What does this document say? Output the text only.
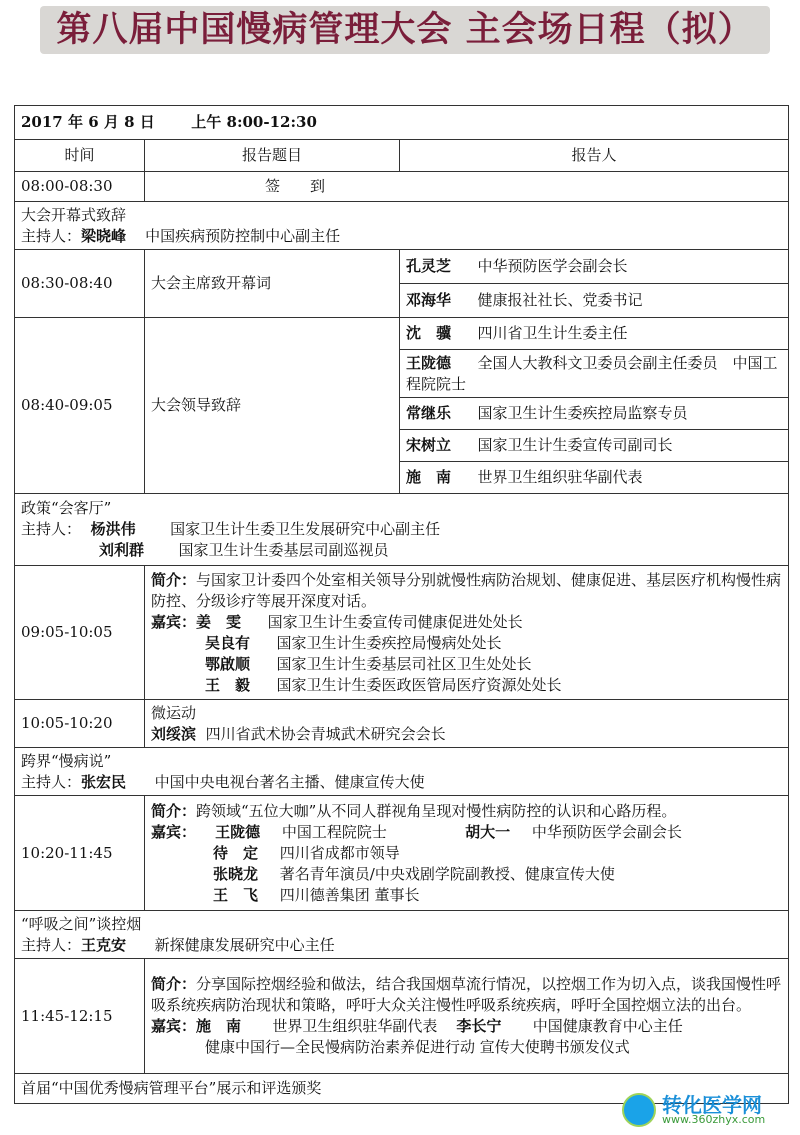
第八届中国慢病管理大会 主会场日程（拟）
2017 年 6 月 8 日 上午 8:00-12:30		
时间	报告题目	报告人
08:00-08:30	签　　到	

大会开幕式致辞
主持人：梁晓峰 中国疾病预防控制中心副主任		
08:30-08:40	大会主席致开幕词	孔灵芝 中华预防医学会副会长
		邓海华 健康报社社长、党委书记
08:40-09:05	大会领导致辞	沈　骥 四川省卫生计生委主任
		王陇德 全国人大教科文卫委员会副主任委员　中国工程院院士
		常继乐 国家卫生计生委疾控局监察专员
		宋树立 国家卫生计生委宣传司副司长
		施　南 世界卫生组织驻华副代表

政策“会客厅”
主持人： 杨洪伟 国家卫生计生委卫生发展研究中心副主任
刘利群 国家卫生计生委基层司副巡视员		

09:05-10:05	简介：与国家卫计委四个处室相关领导分别就慢性病防治规划、健康促进、基层医疗机构慢性病防控、分级诊疗等展开深度对话。
嘉宾：姜　雯 国家卫生计生委宣传司健康促进处处长
吴良有 国家卫生计生委疾控局慢病处处长
鄂啟顺 国家卫生计生委基层司社区卫生处处长
王　毅 国家卫生计生委医政医管局医疗资源处处长	

10:05-10:20	微运动
刘绥滨 四川省武术协会青城武术研究会会长	

跨界“慢病说”
主持人：张宏民 中国中央电视台著名主播、健康宣传大使		
10:20-11:45	简介：跨领域“五位大咖”从不同人群视角呈现对慢性病防控的认识和心路历程。
嘉宾： 王陇德 中国工程院院士 胡大一 中华预防医学会副会长
待　定 四川省成都市领导
张晓龙 著名青年演员/中央戏剧学院副教授、健康宣传大使
王　飞 四川德善集团 董事长	

“呼吸之间”谈控烟
主持人：王克安 新探健康发展研究中心主任		
11:45-12:15	简介：分享国际控烟经验和做法，结合我国烟草流行情况，以控烟工作为切入点，谈我国慢性呼吸系统疾病防治现状和策略，呼吁大众关注慢性呼吸系统疾病，呼吁全国控烟立法的出台。
嘉宾：施　南 世界卫生组织驻华副代表 李长宁 中国健康教育中心主任
健康中国行—全民慢病防治素养促进行动 宣传大使聘书颁发仪式	

首届“中国优秀慢病管理平台”展示和评选颁奖		
转化医学网
www.360zhyx.com
